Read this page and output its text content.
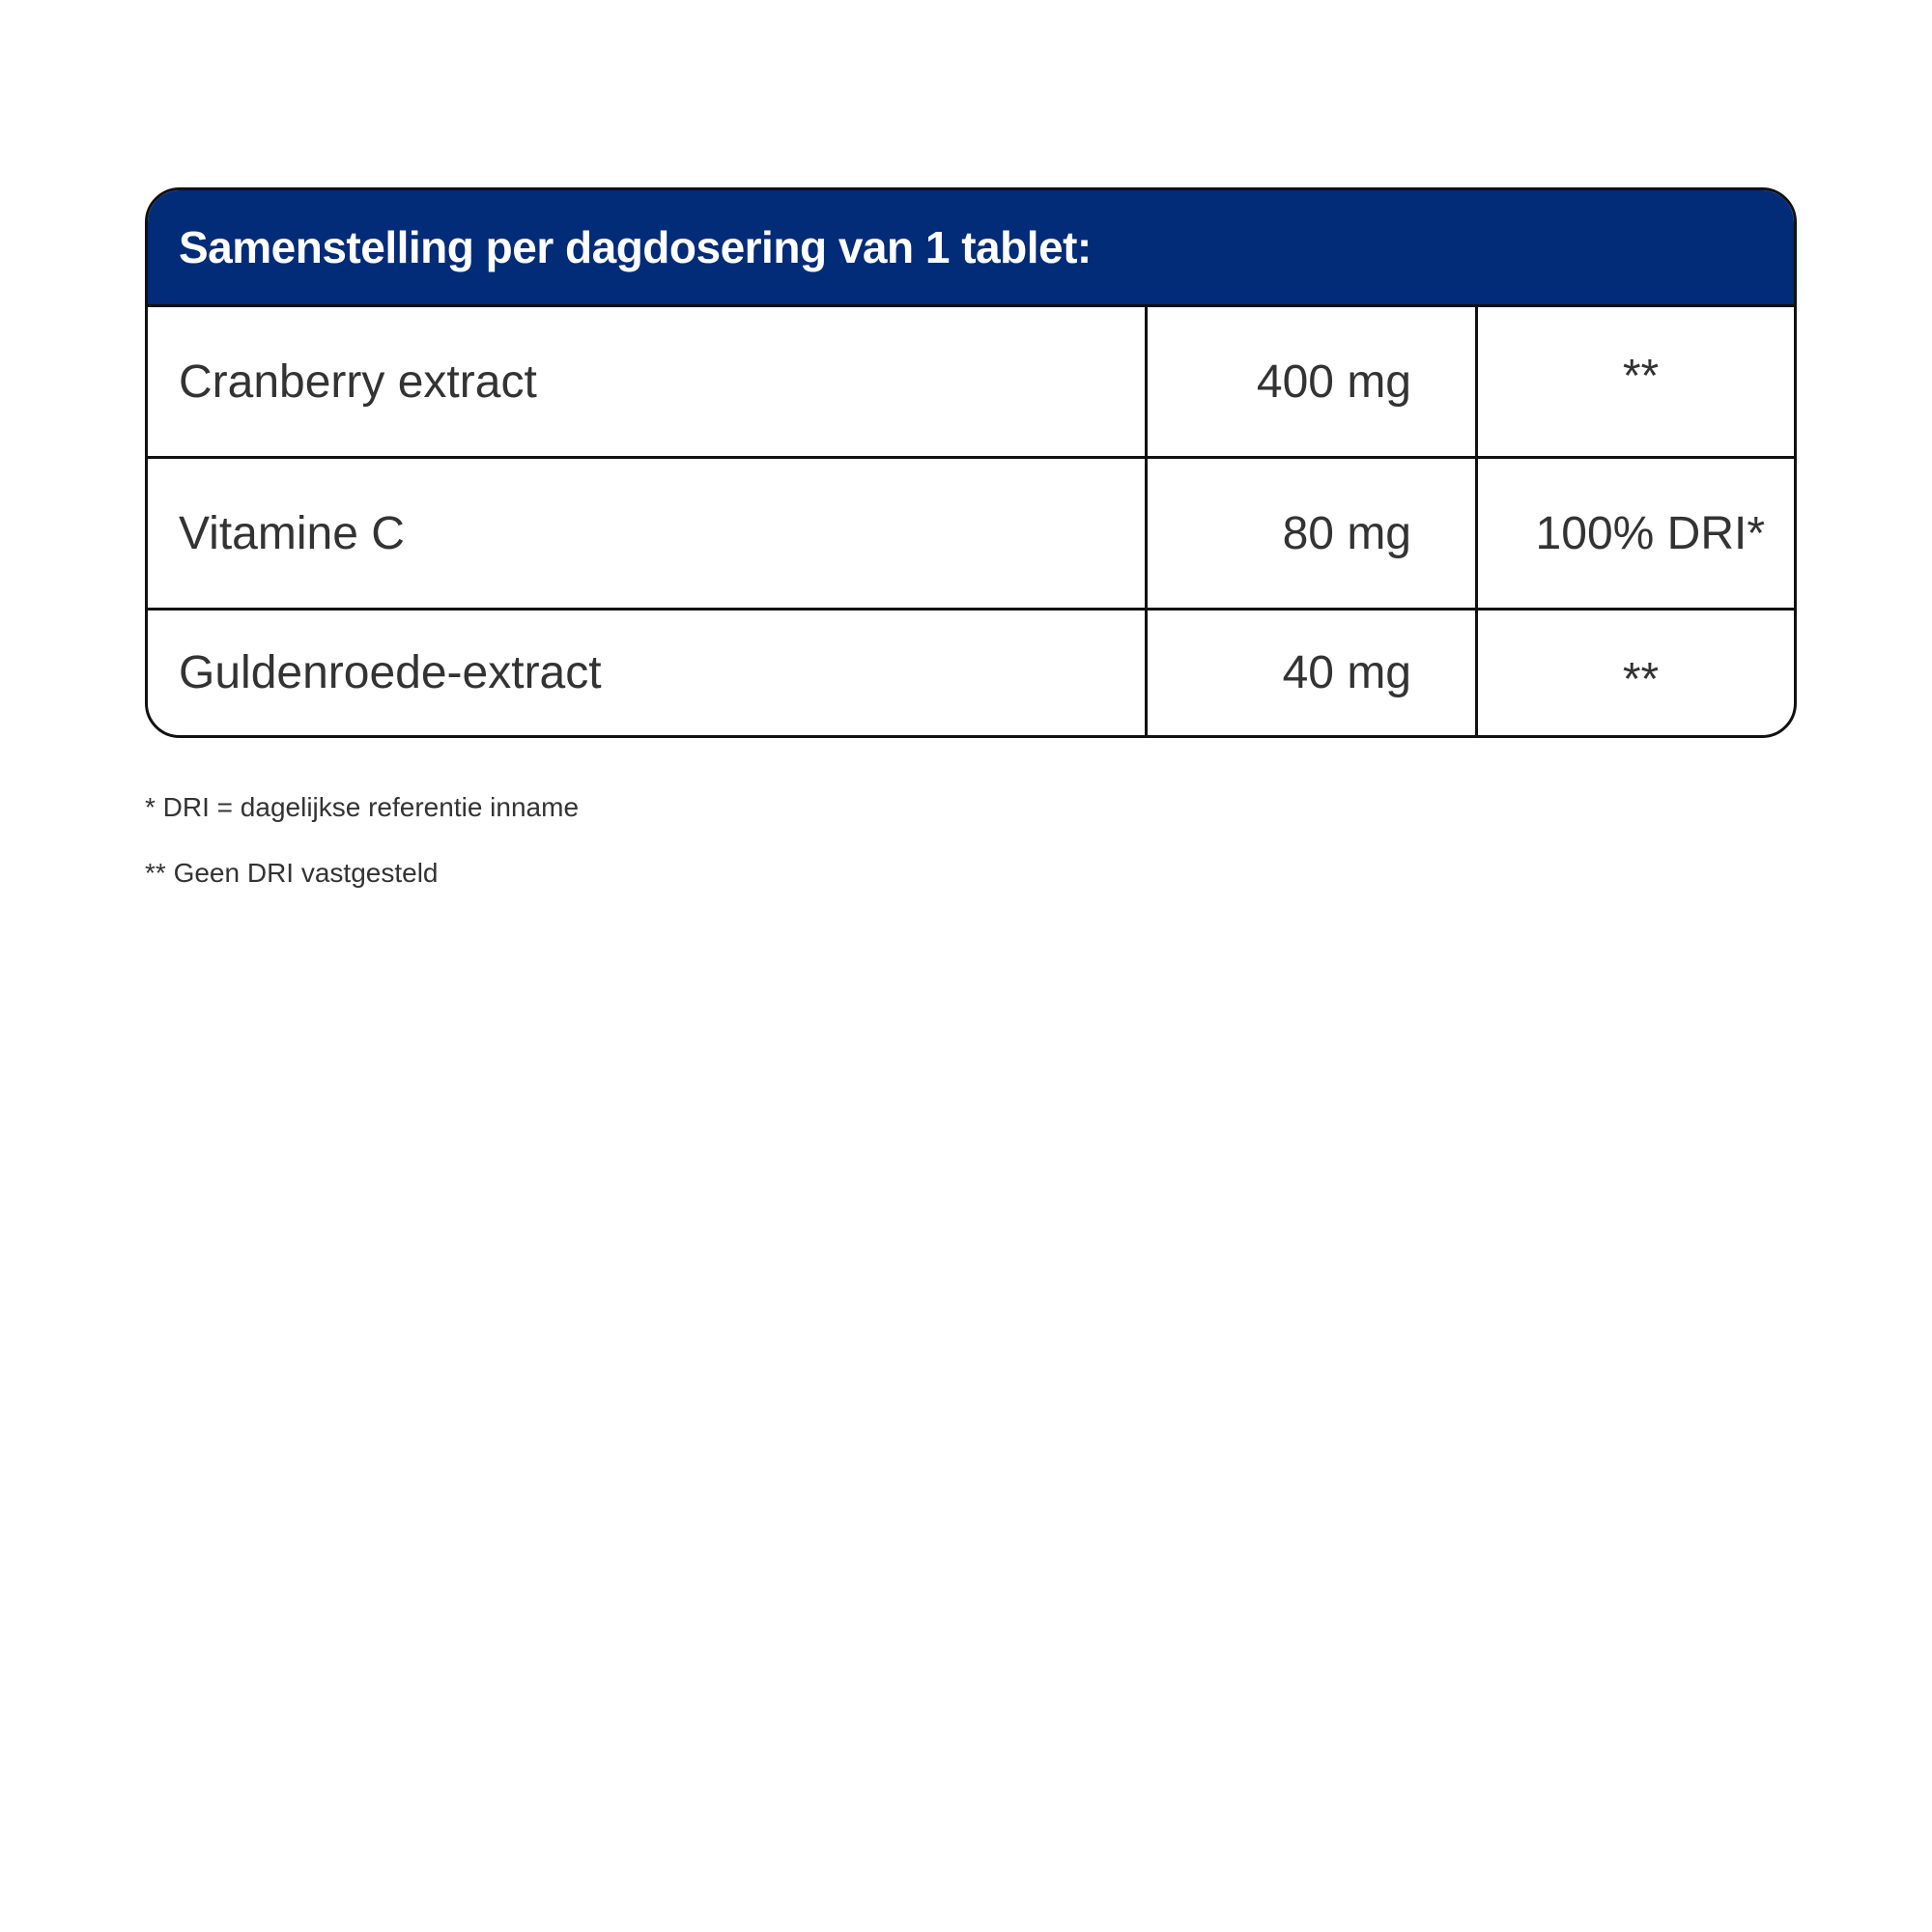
Samenstelling per dagdosering van 1 tablet:
Cranberry extract	400 mg	**
Vitamine C	80 mg	100% DRI*
Guldenroede-extract	40 mg	**
* DRI = dagelijkse referentie inname
** Geen DRI vastgesteld
